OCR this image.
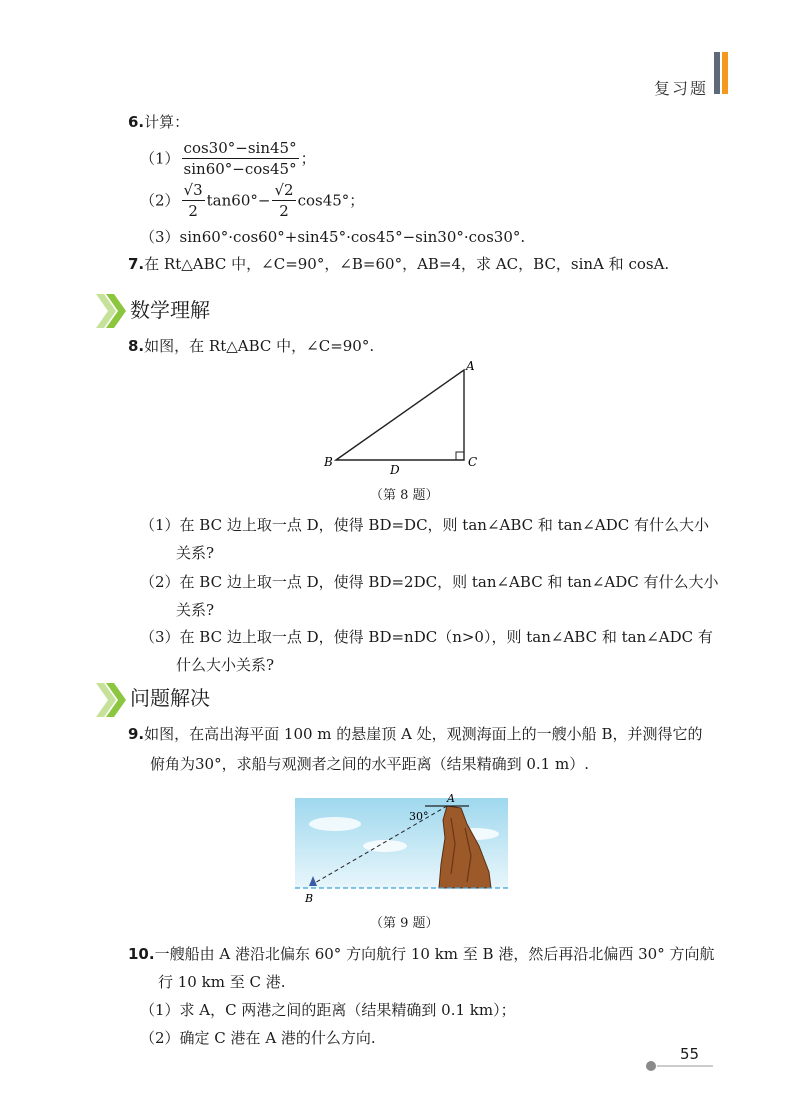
复习题
6.计算：
$(1) \frac{\cos 30^\circ-\sin 45^\circ}{\sin 60^\circ-\cos 45^\circ}$ ；
$(2) \frac{√3}{2} \tan 60^\circ- \frac{√2}{2} \cos 45^\circ$；
（3）sin60°·cos60°+sin45°·cos45°−sin30°·cos30°.
7.在 Rt△ABC 中，∠C=90°，∠B=60°，AB=4，求 AC，BC，sinA 和 cosA.
数学理解
8.如图，在 Rt△ABC 中，∠C=90°.
A
B	C
D
（第 8 题）
（1）在 BC 边上取一点 D，使得 BD=DC，则 tan∠ABC 和 tan∠ADC 有什么大小
关系?
（2）在 BC 边上取一点 D，使得 BD=2DC，则 tan∠ABC 和 tan∠ADC 有什么大小
关系?
（3）在 BC 边上取一点 D，使得 BD=nDC（n>0），则 tan∠ABC 和 tan∠ADC 有
什么大小关系?
问题解决
9.如图，在高出海平面 100 m 的悬崖顶 A 处，观测海面上的一艘小船 B，并测得它的
俯角为30°，求船与观测者之间的水平距离（结果精确到 0.1 m）.
A
B
30°
（第 9 题）
10.一艘船由 A 港沿北偏东 60° 方向航行 10 km 至 B 港，然后再沿北偏西 30° 方向航
行 10 km 至 C 港.
（1）求 A，C 两港之间的距离（结果精确到 0.1 km）；
（2）确定 C 港在 A 港的什么方向.
55
